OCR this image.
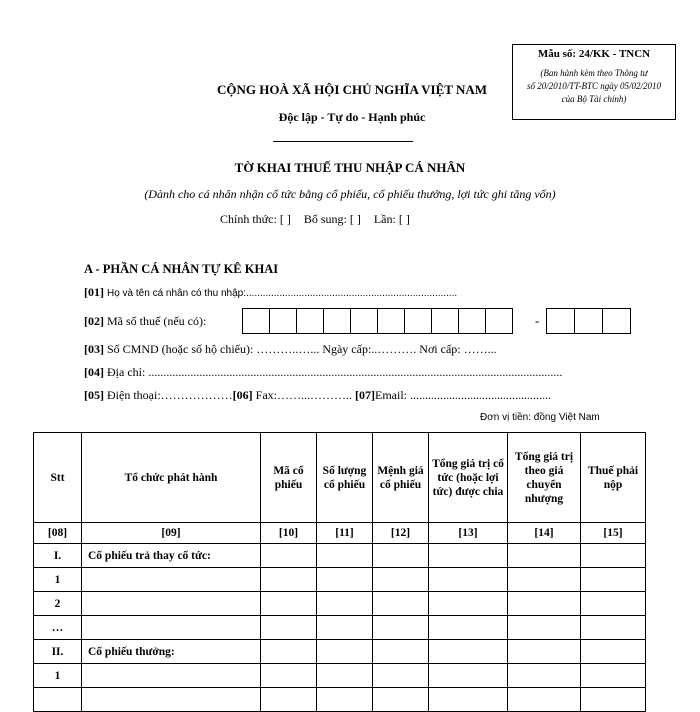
Mẫu số: 24/KK - TNCN
(Ban hành kèm theo Thông tư
số 20/2010/TT-BTC ngày 05/02/2010
của Bộ Tài chính)
CỘNG HOÀ XÃ HỘI CHỦ NGHĨA VIỆT NAM
Độc lập - Tự do - Hạnh phúc
TỜ KHAI THUẾ THU NHẬP CÁ NHÂN
(Dành cho cá nhân nhận cổ tức bằng cổ phiếu, cổ phiếu thưởng, lợi tức ghi tăng vốn)
Chính thức: [ ] Bổ sung: [ ] Lần: [ ]
A - PHẦN CÁ NHÂN TỰ KÊ KHAI
[01] Họ và tên cá nhân có thu nhập:............................................................................
[02] Mã số thuế (nếu có):	-
[03] Số CMND (hoặc số hộ chiếu): ………..…... Ngày cấp:..………. Nơi cấp: ……...
[04] Địa chỉ: ..........................................................................................................................................
[05] Điện thoại:………………[06] Fax:……...……….. [07]Email: ...............................................
Đơn vị tiền: đồng Việt Nam
Stt	Tổ chức phát hành	Mã cổ phiếu	Số lượng cổ phiếu	Mệnh giá cổ phiếu	Tổng giá trị cổ tức (hoặc lợi tức) được chia	Tổng giá trị theo giá chuyển nhượng	Thuế phải nộp
[08]	[09]	[10]	[11]	[12]	[13]	[14]	[15]
I.	Cổ phiếu trả thay cổ tức:						
1							
2							
…							
II.	Cổ phiếu thưởng:						
1							
